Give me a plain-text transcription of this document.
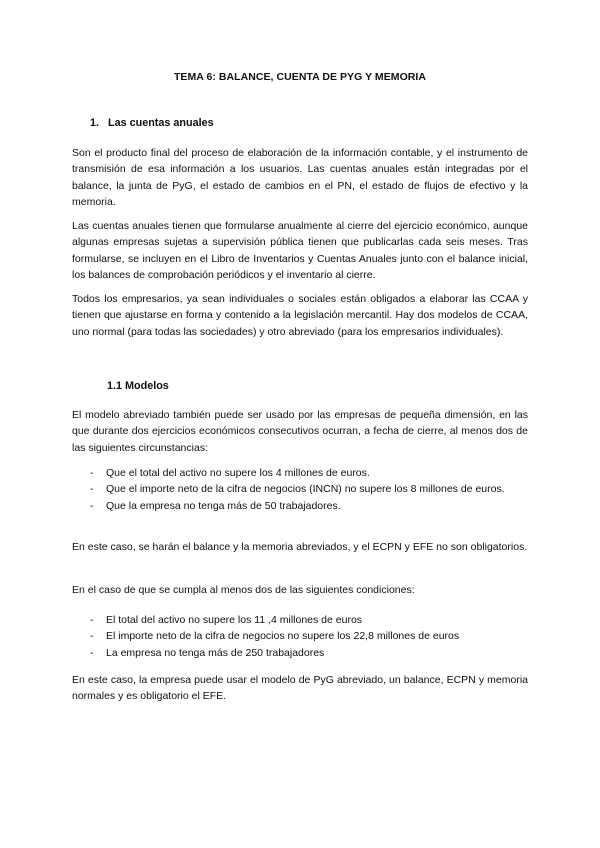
TEMA 6: BALANCE, CUENTA DE PYG Y MEMORIA
1. Las cuentas anuales

Son el producto final del proceso de elaboración de la información contable, y el instrumento de transmisión de esa información a los usuarios. Las cuentas anuales están integradas por el balance, la junta de PyG, el estado de cambios en el PN, el estado de flujos de efectivo y la memoria.

Las cuentas anuales tienen que formularse anualmente al cierre del ejercicio económico, aunque algunas empresas sujetas a supervisión pública tienen que publicarlas cada seis meses. Tras formularse, se incluyen en el Libro de Inventarios y Cuentas Anuales junto con el balance inicial, los balances de comprobación periódicos y el inventario al cierre.

Todos los empresarios, ya sean individuales o sociales están obligados a elaborar las CCAA y tienen que ajustarse en forma y contenido a la legislación mercantil. Hay dos modelos de CCAA, uno normal (para todas las sociedades) y otro abreviado (para los empresarios individuales).

1.1 Modelos

El modelo abreviado también puede ser usado por las empresas de pequeña dimensión, en las que durante dos ejercicios económicos consecutivos ocurran, a fecha de cierre, al menos dos de las siguientes circunstancias:

- Que el total del activo no supere los 4 millones de euros.
- Que el importe neto de la cifra de negocios (INCN) no supere los 8 millones de euros.
- Que la empresa no tenga más de 50 trabajadores.

En este caso, se harán el balance y la memoria abreviados, y el ECPN y EFE no son obligatorios.

En el caso de que se cumpla al menos dos de las siguientes condiciones:

- El total del activo no supere los 11 ,4 millones de euros
- El importe neto de la cifra de negocios no supere los 22,8 millones de euros
- La empresa no tenga más de 250 trabajadores

En este caso, la empresa puede usar el modelo de PyG abreviado, un balance, ECPN y memoria normales y es obligatorio el EFE.
